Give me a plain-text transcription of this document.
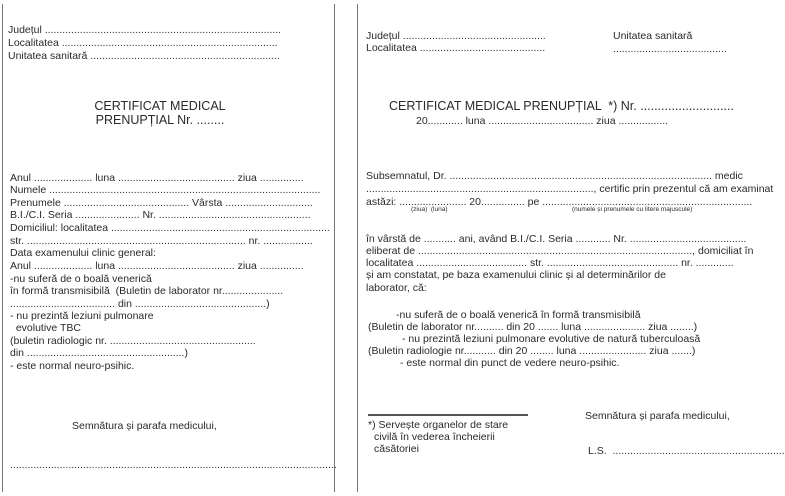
Județul .................................................................................
Localitatea ..........................................................................
Unitatea sanitară .................................................................
CERTIFICAT MEDICAL
PRENUPȚIAL Nr. ........
Anul .................... luna ........................................ ziua ...............
Numele .............................................................................................
Prenumele ........................................... Vârsta ..............................
B.I./C.I. Seria ...................... Nr. ....................................................
Domiciliul: localitatea ...........................................................................
str. ........................................................................... nr. .................
Data examenului clinic general:
Anul .................... luna ........................................ ziua ...............
-nu suferă de o boală venerică
în formă transmisibilă  (Buletin de laborator nr.....................
.................................... din .............................................)
- nu prezintă leziuni pulmonare
evolutive TBC
(buletin radiologic nr. ..................................................
din ......................................................)
- este normal neuro-psihic.
Semnătura și parafa medicului,
................................................................................................................
Județul .................................................
Localitatea ...........................................
Unitatea sanitară
.......................................
CERTIFICAT MEDICAL PRENUPȚIAL  *) Nr. ...........................
20............ luna .................................... ziua .................
Subsemnatul, Dr. .......................................................................................... medic
.............................................................................., certific prin prezentul că am examinat
astăzi: ....................... 20............... pe ........................................................................
(ziua)  (luna)	(numele și prenumele cu litere majuscule)
în vârstă de ........... ani, având B.I./C.I. Seria ............ Nr. ........................................
eliberat de .............................................................................................., domiciliat în
localitatea ...................................... str. ............................................. nr. .............
și am constatat, pe baza examenului clinic și al determinărilor de
laborator, că:
-nu suferă de o boală venerică în formă transmisibilă
(Buletin de laborator nr.......... din 20 ....... luna ..................... ziua ........)
- nu prezintă leziuni pulmonare evolutive de natură tuberculoasă
(Buletin radiologie nr........... din 20 ........ luna ....................... ziua .......)
- este normal din punct de vedere neuro-psihic.
*) Servește organelor de stare
civilă în vederea încheierii
căsătoriei
Semnătura și parafa medicului,
L.S.  ...........................................................
